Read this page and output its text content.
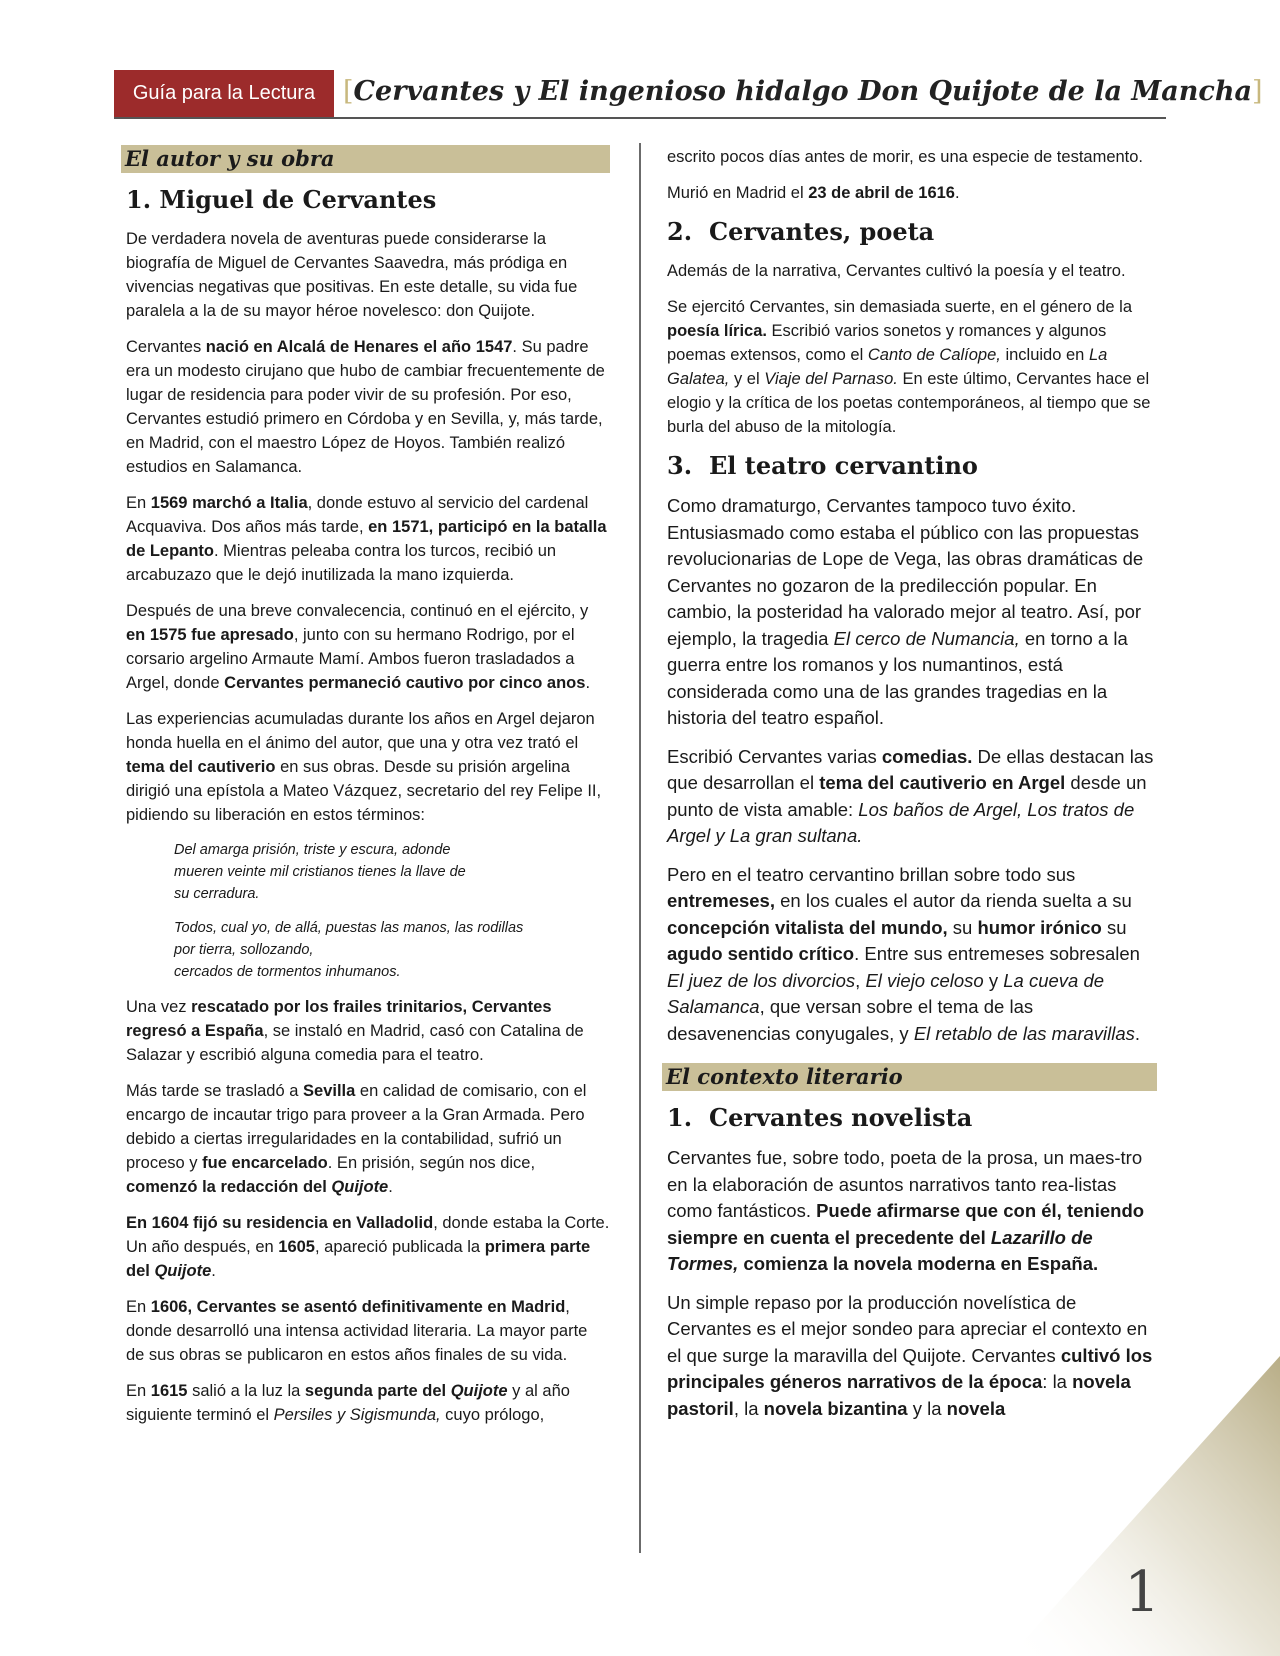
Guía para la Lectura	[Cervantes y El ingenioso hidalgo Don Quijote de la Mancha]
El autor y su obra
1. Miguel de Cervantes

De verdadera novela de aventuras puede considerarse la biografía de Miguel de Cervantes Saavedra, más pródiga en vivencias negativas que positivas. En este detalle, su vida fue paralela a la de su mayor héroe novelesco: don Quijote.

Cervantes nació en Alcalá de Henares el año 1547. Su padre era un modesto cirujano que hubo de cambiar frecuentemente de lugar de residencia para poder vivir de su profesión. Por eso, Cervantes estudió primero en Córdoba y en Sevilla, y, más tarde, en Madrid, con el maestro López de Hoyos. También realizó estudios en Salamanca.

En 1569 marchó a Italia, donde estuvo al servicio del cardenal Acquaviva. Dos años más tarde, en 1571, participó en la batalla de Lepanto. Mientras peleaba contra los turcos, recibió un arcabuzazo que le dejó inutilizada la mano izquierda.

Después de una breve convalecencia, continuó en el ejército, y en 1575 fue apresado, junto con su hermano Rodrigo, por el corsario argelino Armaute Mamí. Ambos fueron trasladados a Argel, donde Cervantes permaneció cautivo por cinco anos.

Las experiencias acumuladas durante los años en Argel dejaron honda huella en el ánimo del autor, que una y otra vez trató el tema del cautiverio en sus obras. Desde su prisión argelina dirigió una epístola a Mateo Vázquez, secretario del rey Felipe II, pidiendo su liberación en estos términos:

Del amarga prisión, triste y escura, adonde
mueren veinte mil cristianos tienes la llave de
su cerradura.
Todos, cual yo, de allá, puestas las manos, las rodillas
por tierra, sollozando,
cercados de tormentos inhumanos.

Una vez rescatado por los frailes trinitarios, Cervantes regresó a España, se instaló en Madrid, casó con Catalina de Salazar y escribió alguna comedia para el teatro.

Más tarde se trasladó a Sevilla en calidad de comisario, con el encargo de incautar trigo para proveer a la Gran Armada. Pero debido a ciertas irregularidades en la contabilidad, sufrió un proceso y fue encarcelado. En prisión, según nos dice, comenzó la redacción del Quijote.

En 1604 fijó su residencia en Valladolid, donde estaba la Corte. Un año después, en 1605, apareció publicada la primera parte del Quijote.

En 1606, Cervantes se asentó definitivamente en Madrid, donde desarrolló una intensa actividad literaria. La mayor parte de sus obras se publicaron en estos años finales de su vida.

En 1615 salió a la luz la segunda parte del Quijote y al año siguiente terminó el Persiles y Sigismunda, cuyo prólogo,

escrito pocos días antes de morir, es una especie de testamento.

Murió en Madrid el 23 de abril de 1616.

2. Cervantes, poeta

Además de la narrativa, Cervantes cultivó la poesía y el teatro.

Se ejercitó Cervantes, sin demasiada suerte, en el género de la poesía lírica. Escribió varios sonetos y romances y algunos poemas extensos, como el Canto de Calíope, incluido en La Galatea, y el Viaje del Parnaso. En este último, Cervantes hace el elogio y la crítica de los poetas contemporáneos, al tiempo que se burla del abuso de la mitología.

3. El teatro cervantino

Como dramaturgo, Cervantes tampoco tuvo éxito. Entusiasmado como estaba el público con las propuestas revolucionarias de Lope de Vega, las obras dramáticas de Cervantes no gozaron de la predilección popular. En cambio, la posteridad ha valorado mejor al teatro. Así, por ejemplo, la tragedia El cerco de Numancia, en torno a la guerra entre los romanos y los numantinos, está considerada como una de las grandes tragedias en la historia del teatro español.

Escribió Cervantes varias comedias. De ellas destacan las que desarrollan el tema del cautiverio en Argel desde un punto de vista amable: Los baños de Argel, Los tratos de Argel y La gran sultana.

Pero en el teatro cervantino brillan sobre todo sus entremeses, en los cuales el autor da rienda suelta a su concepción vitalista del mundo, su humor irónico su agudo sentido crítico. Entre sus entremeses sobresalen El juez de los divorcios, El viejo celoso y La cueva de Salamanca, que versan sobre el tema de las desavenencias conyugales, y El retablo de las maravillas.

El contexto literario
1. Cervantes novelista

Cervantes fue, sobre todo, poeta de la prosa, un maes-tro en la elaboración de asuntos narrativos tanto rea-listas como fantásticos. Puede afirmarse que con él, teniendo siempre en cuenta el precedente del Lazarillo de Tormes, comienza la novela moderna en España.

Un simple repaso por la producción novelística de Cervantes es el mejor sondeo para apreciar el contexto en el que surge la maravilla del Quijote. Cervantes cultivó los principales géneros narrativos de la época: la novela pastoril, la novela bizantina y la novela

1
